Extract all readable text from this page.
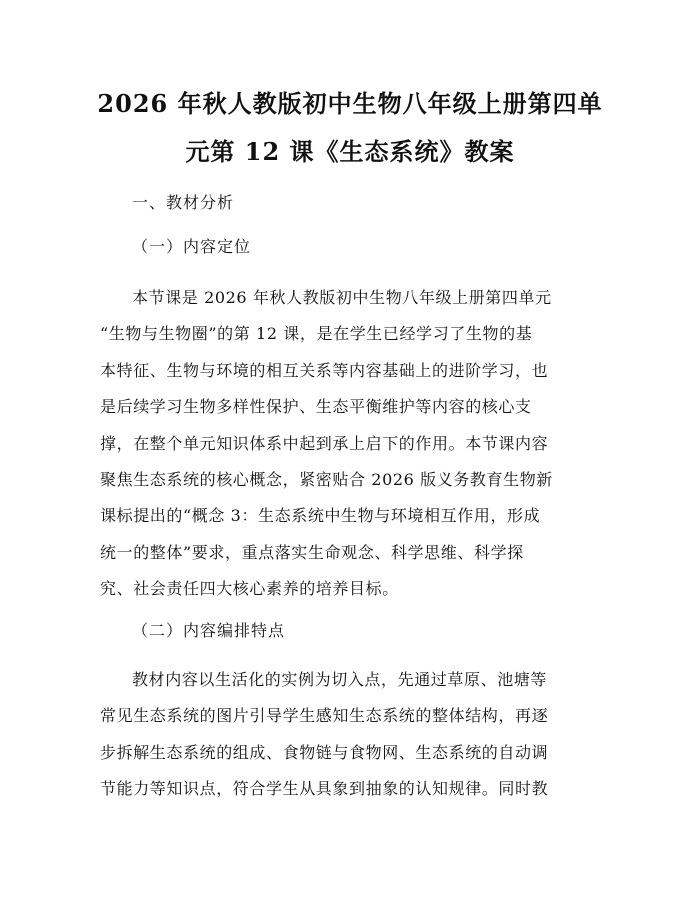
2026 年秋人教版初中生物八年级上册第四单
元第 12 课《生态系统》教案
一、教材分析
（一）内容定位
本节课是 2026 年秋人教版初中生物八年级上册第四单元
“生物与生物圈”的第 12 课，是在学生已经学习了生物的基
本特征、生物与环境的相互关系等内容基础上的进阶学习，也
是后续学习生物多样性保护、生态平衡维护等内容的核心支
撑，在整个单元知识体系中起到承上启下的作用。本节课内容
聚焦生态系统的核心概念，紧密贴合 2026 版义务教育生物新
课标提出的“概念 3：生态系统中生物与环境相互作用，形成
统一的整体”要求，重点落实生命观念、科学思维、科学探
究、社会责任四大核心素养的培养目标。
（二）内容编排特点
教材内容以生活化的实例为切入点，先通过草原、池塘等
常见生态系统的图片引导学生感知生态系统的整体结构，再逐
步拆解生态系统的组成、食物链与食物网、生态系统的自动调
节能力等知识点，符合学生从具象到抽象的认知规律。同时教
